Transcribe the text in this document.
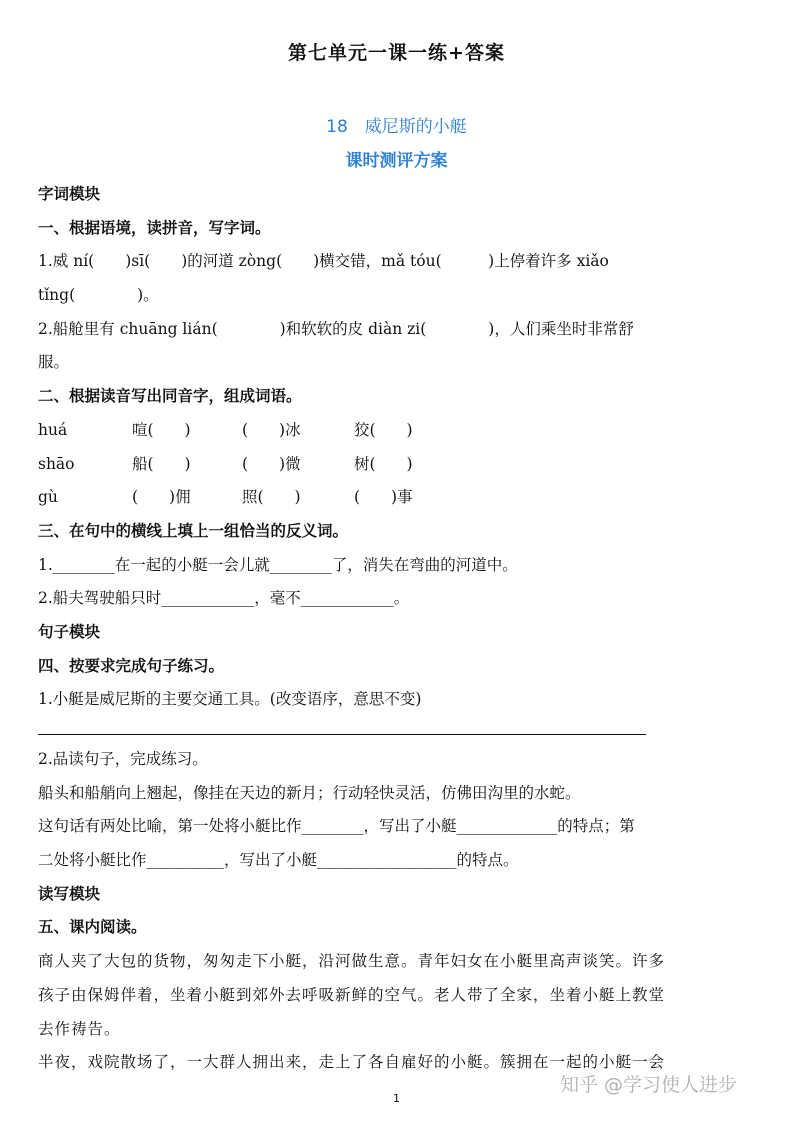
第七单元一课一练+答案
18　威尼斯的小艇
课时测评方案
字词模块
一、根据语境，读拼音，写字词。
1.威 ní(　　)sī(　　)的河道 zòng(　　)横交错，mǎ tóu(　　　)上停着许多 xiǎo
tǐng(　　　　)。
2.船舱里有 chuāng lián(　　　　)和软软的皮 diàn zi(　　　　)，人们乘坐时非常舒
服。
二、根据读音写出同音字，组成词语。
huá	喧(　　)	(　　)冰	狡(　　)
shāo	船(　　)	(　　)微	树(　　)
gù	(　　)佣	照(　　)	(　　)事
三、在句中的横线上填上一组恰当的反义词。
1.________在一起的小艇一会儿就________了，消失在弯曲的河道中。
2.船夫驾驶船只时____________，毫不____________。
句子模块
四、按要求完成句子练习。
1.小艇是威尼斯的主要交通工具。(改变语序，意思不变)
2.品读句子，完成练习。
船头和船艄向上翘起，像挂在天边的新月；行动轻快灵活，仿佛田沟里的水蛇。
这句话有两处比喻，第一处将小艇比作________，写出了小艇_____________的特点；第
二处将小艇比作__________，写出了小艇__________________的特点。
读写模块
五、课内阅读。
商人夹了大包的货物，匆匆走下小艇，沿河做生意。青年妇女在小艇里高声谈笑。许多
孩子由保姆伴着，坐着小艇到郊外去呼吸新鲜的空气。老人带了全家，坐着小艇上教堂
去作祷告。
半夜，戏院散场了，一大群人拥出来，走上了各自雇好的小艇。簇拥在一起的小艇一会
1
知乎 @学习使人进步
